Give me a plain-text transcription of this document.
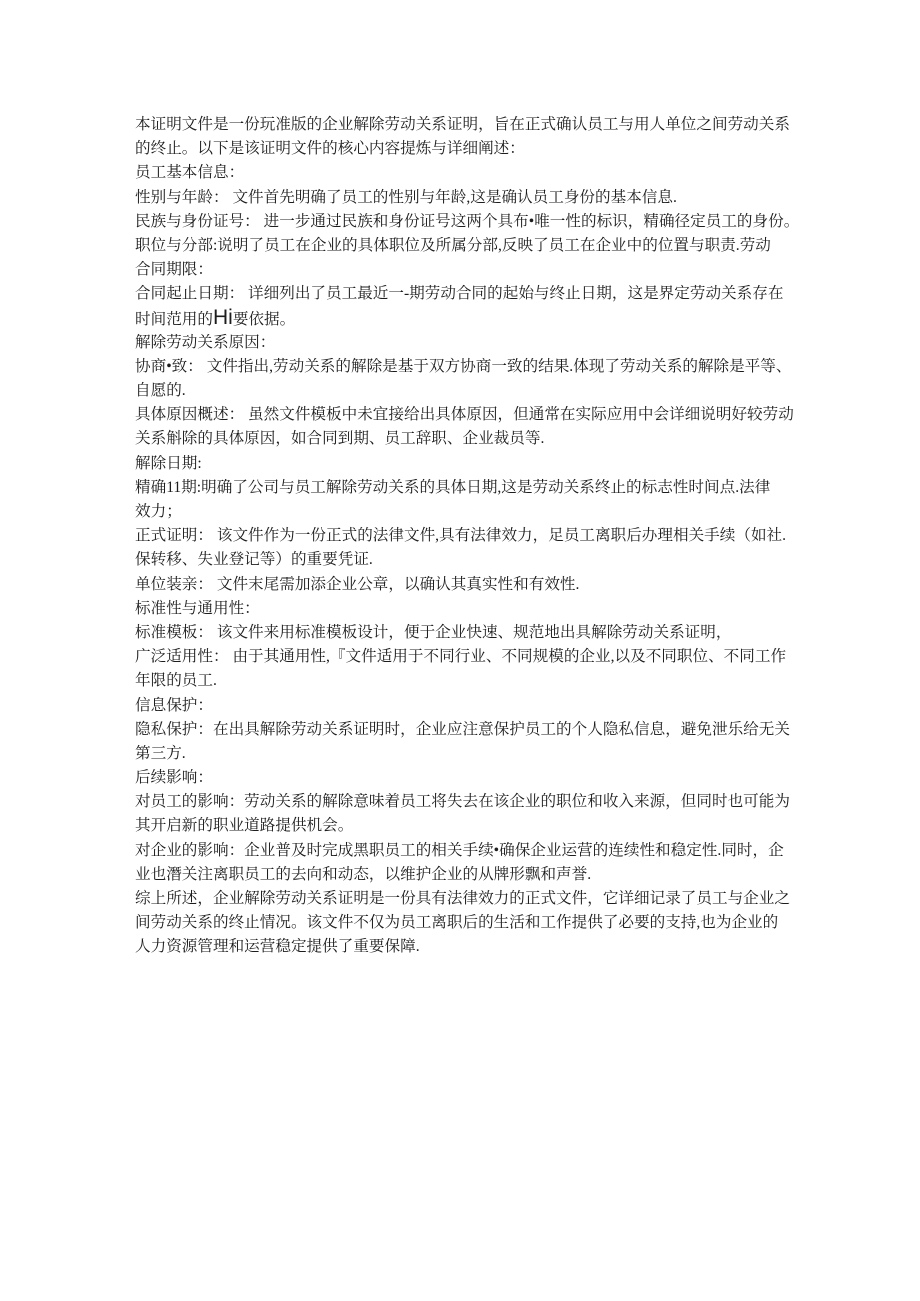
本证明文件是一份玩准版的企业解除劳动关系证明，旨在正式确认员工与用人单位之间劳动关系
的终止。以下是该证明文件的核心内容提炼与详细阐述：
员工基本信息：
性别与年龄： 文件首先明确了员工的性别与年龄,这是确认员工身份的基本信息.
民族与身份证号： 进一步通过民族和身份证号这两个具布•唯一性的标识，精确径定员工的身份。
职位与分部:说明了员工在企业的具体职位及所属分部,反映了员工在企业中的位置与职责.劳动
合同期限：
合同起止日期： 详细列出了员工最近一-期劳动合同的起始与终止日期，这是界定劳动关系存在
时间范用的Hi要依据。
解除劳动关系原因：
协商•致： 文件指出,劳动关系的解除是基于双方协商一致的结果.体现了劳动关系的解除是平等、
自愿的.
具体原因概述： 虽然文件模板中未宜接给出具体原因，但通常在实际应用中会详细说明好较劳动
关系斛除的具体原因，如合同到期、员工辞职、企业裁员等.
解除日期:
精确11期:明确了公司与员工解除劳动关系的具体日期,这是劳动关系终止的标志性时间点.法律
效力；
正式证明： 该文件作为一份正式的法律文件,具有法律效力，足员工离职后办理相关手续（如社.
保转移、失业登记等）的重要凭证.
单位装亲： 文件末尾需加添企业公章，以确认其真实性和有效性.
标准性与通用性：
标准模板： 该文件来用标准模板设计，便于企业快速、规范地出具解除劳动关系证明，
广泛适用性： 由于其通用性,『文件适用于不同行业、不同规模的企业,以及不同职位、不同工作
年限的员工.
信息保护：
隐私保护：在出具解除劳动关系证明时，企业应注意保护员工的个人隐私信息，避免泄乐给无关
第三方.
后续影响：
对员工的影响：劳动关系的解除意味着员工将失去在该企业的职位和收入来源，但同时也可能为
其开启新的职业道路提供机会。
对企业的影响：企业普及时完成黑职员工的相关手续•确保企业运营的连续性和稳定性.同时，企
业也潛关注离职员工的去向和动态，以维护企业的从牌形飘和声誉.
综上所述，企业解除劳动关系证明是一份具有法律效力的正式文件，它详细记录了员工与企业之
间劳动关系的终止情况。该文件不仅为员工离职后的生活和工作提供了必要的支持,也为企业的
人力资源管理和运营稳定提供了重要保障.
